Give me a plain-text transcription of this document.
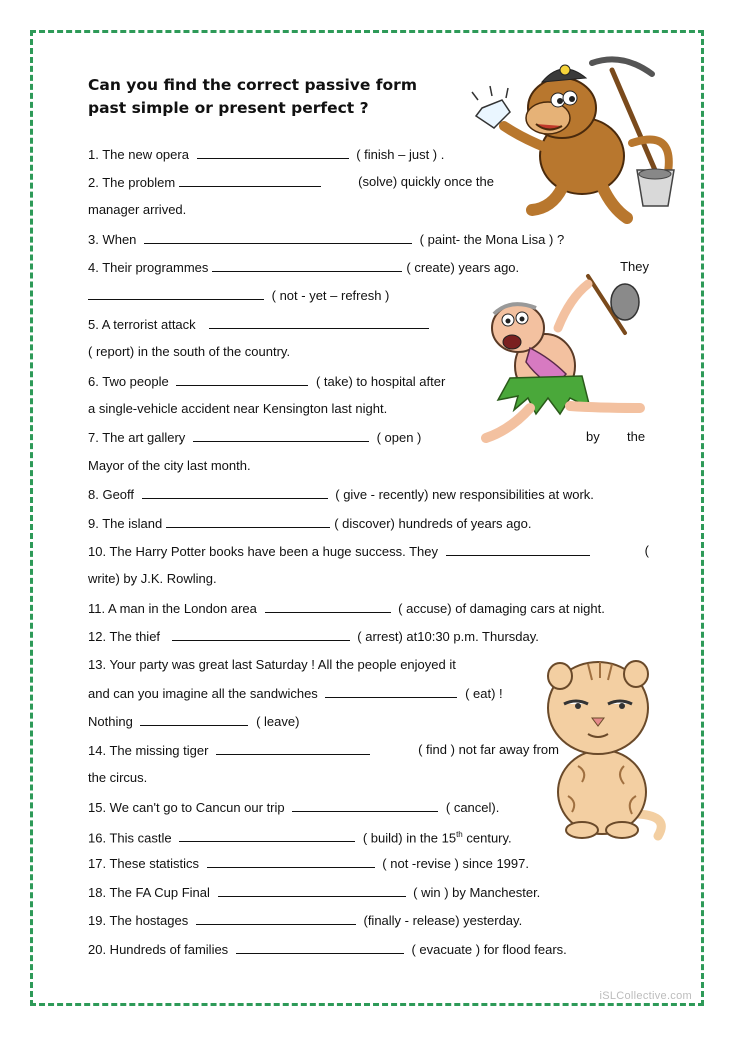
Can you find the correct passive form
past simple or present perfect ?
1. The new opera	( finish – just ) .
2. The problem	(solve) quickly once the
manager arrived.
3. When	( paint- the Mona Lisa ) ?
4. Their programmes	( create) years ago.	They
( not - yet – refresh )
5. A terrorist attack
( report) in the south of the country.
6. Two people	( take) to hospital after
a single-vehicle accident near Kensington last night.
7. The art gallery	( open )	by the
Mayor of the city last month.
8. Geoff	( give - recently) new responsibilities at work.
9. The island	( discover) hundreds of years ago.
10. The Harry Potter books have been a huge success. They	(
write) by J.K. Rowling.
11. A man in the London area	( accuse) of damaging cars at night.
12. The thief	( arrest) at10:30 p.m. Thursday.
13. Your party was great last Saturday ! All the people enjoyed it
and can you imagine all the sandwiches	( eat) !
Nothing	( leave)
14. The missing tiger	( find ) not far away from
the circus.
15. We can't go to Cancun our trip	( cancel).
16. This castle	( build) in the 15th century.
17. These statistics	( not -revise ) since 1997.
18. The FA Cup Final	( win ) by Manchester.
19. The hostages	(finally - release) yesterday.
20. Hundreds of families	( evacuate ) for flood fears.
iSLCollective.com
